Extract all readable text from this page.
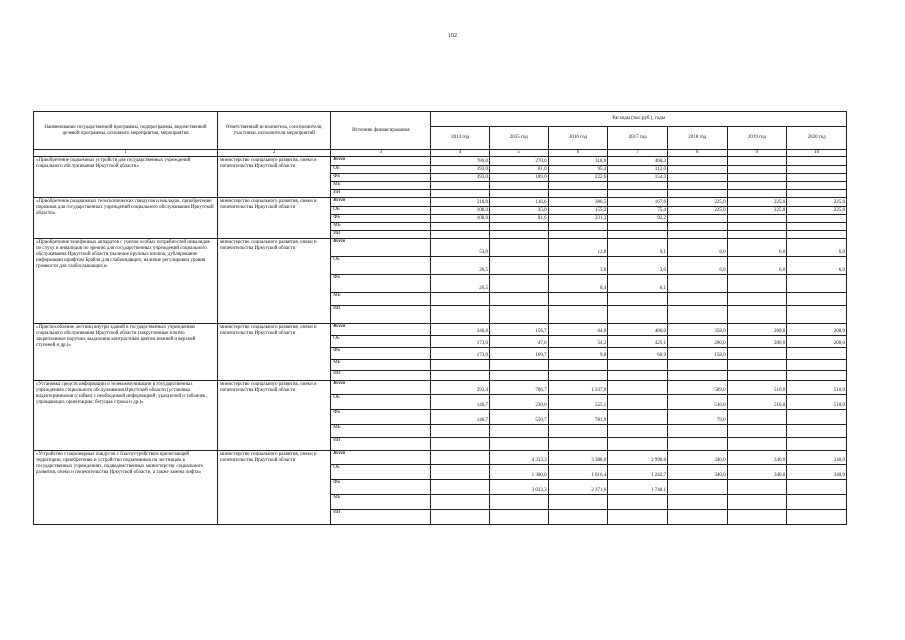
102
Наименование государственной программы, подпрограммы, ведомственной целевой программы, основного мероприятия, мероприятия	Ответственный исполнитель, соисполнители, участники, исполнители мероприятий	Источник финансирования	Расходы (тыс.руб.), годы						
			2014 год	2015 год	2016 год	2017 год	2018 год	2019 год	2020 год
1	2	3	4	5	6	7	8	9	10
«Приобретение подъемных устройств для государственных учреждений социального обслуживания Иркутской области»	министерство социального развития, опеки и попечительства Иркутской области	Всего	786,0	270,0	318,0	466,3			
		ОБ	393,0	81,0	95,4	312,0			
		ФБ	393,0	189,0	222,6	154,3			
		МБ							
		ИИ							
«Приобретение раздвижных телескопических пандусов и накладок, приобретение порожков для государственных учреждений социального обслуживания Иркутской области»	министерство социального развития, опеки и попечительства Иркутской области	Всего	216,0	116,6	386,5	167,6	225,0	225,0	225,0
		ОБ	108,0	35,0	155,2	75,4	225,0	225,0	225,0
		ФБ	108,0	81,6	231,3	92,2			
		МБ							
		ИИ							
«Приобретение телефонных аппаратов с учетом особых потребностей инвалидов по слуху и инвалидов по зрению для государственных учреждений социального обслуживания Иркутской области (наличие крупных кнопок, дублирование информации шрифтом Брайля для слабовидящих, наличие регулировки уровня громкости для слабослышащих)»	министерство социального развития, опеки и попечительства Иркутской области	Всего	53,0		12,0	9,1	6,0	6,0	6,0
		ОБ	26,5		3,6	3,0	6,0	6,0	6,0
		ФБ	26,5		8,4	6,1			
		МБ							
		ИИ							
«Приспособление лестниц внутри зданий в государственных учреждениях социального обслуживания Иркутской области (закругленные плотно закрепленные поручни, выделение контрастным цветом нижней и верхней ступеней и др.)»	министерство социального развития, опеки и попечительства Иркутской области	Всего	346,0	156,7	64,0	486,0	358,0	200,0	200,0
		ОБ	173,0	47,0	54,2	425,1	200,0	200,0	200,0
		ФБ	173,0	109,7	9,8	60,9	158,0		
		МБ							
		ИИ							
«Установка средств информации и телекоммуникации в государственных учреждениях социального обслуживания Иркутской области (установка видеотерминалов (стойки) с необходимой информацией; указателей и табличек, упрощающих ориентацию; бегущая строка и др.)»	министерство социального развития, опеки и попечительства Иркутской области	Всего	293,4	786,7	1 337,0		589,0	510,0	510,0
		ОБ	146,7	236,0	555,1		510,0	510,0	510,0
		ФБ	146,7	550,7	781,9		79,0		
		МБ							
		ИИ							
«Устройство стационарных пандусов с благоустройством прилегающей территории, приобретение и устройство подъемников по лестницам в государственных учреждениях, подведомственных министерству социального развития, опеки и попечительства Иркутской области, а также замена лифта»	министерство социального развития, опеки и попечительства Иркутской области	Всего		4 333,3	3 388,0	2 990,8	340,0	340,0	340,0
		ОБ		1 300,0	1 016,4	1 242,7	340,0	340,0	340,0
		ФБ		3 033,3	2 371,6	1 748,1			
		МБ							
		ИИ							
